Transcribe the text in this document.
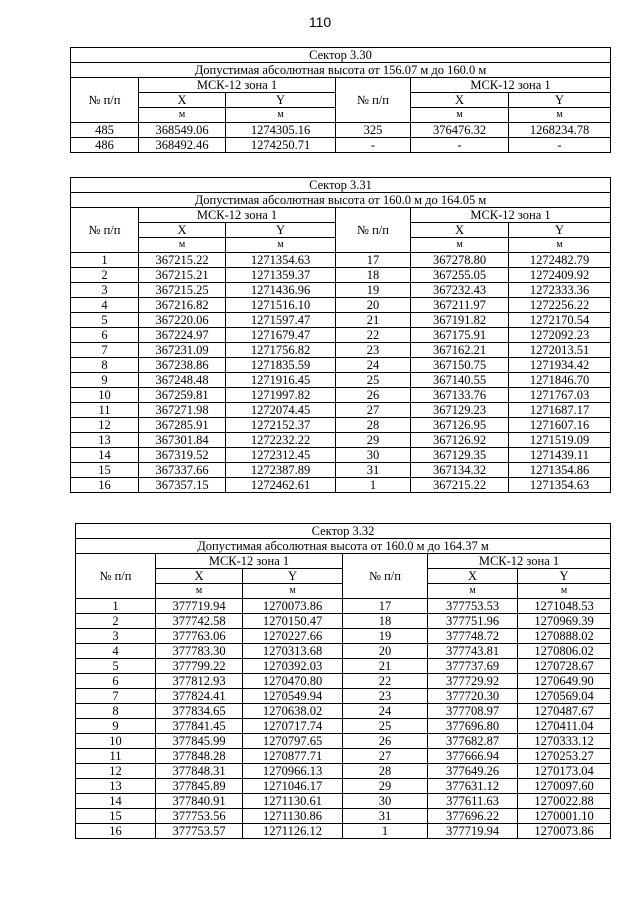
110
Сектор 3.30					
Допустимая абсолютная высота от 156.07 м до 160.0 м					
№ п/п	МСК-12 зона 1		№ п/п	МСК-12 зона 1	
	X	Y		X	Y
	м	м		м	м
485	368549.06	1274305.16	325	376476.32	1268234.78
486	368492.46	1274250.71	-	-	-
Сектор 3.31					
Допустимая абсолютная высота от 160.0 м до 164.05 м					
№ п/п	МСК-12 зона 1		№ п/п	МСК-12 зона 1	
	X	Y		X	Y
	м	м		м	м
1	367215.22	1271354.63	17	367278.80	1272482.79
2	367215.21	1271359.37	18	367255.05	1272409.92
3	367215.25	1271436.96	19	367232.43	1272333.36
4	367216.82	1271516.10	20	367211.97	1272256.22
5	367220.06	1271597.47	21	367191.82	1272170.54
6	367224.97	1271679.47	22	367175.91	1272092.23
7	367231.09	1271756.82	23	367162.21	1272013.51
8	367238.86	1271835.59	24	367150.75	1271934.42
9	367248.48	1271916.45	25	367140.55	1271846.70
10	367259.81	1271997.82	26	367133.76	1271767.03
11	367271.98	1272074.45	27	367129.23	1271687.17
12	367285.91	1272152.37	28	367126.95	1271607.16
13	367301.84	1272232.22	29	367126.92	1271519.09
14	367319.52	1272312.45	30	367129.35	1271439.11
15	367337.66	1272387.89	31	367134.32	1271354.86
16	367357.15	1272462.61	1	367215.22	1271354.63
Сектор 3.32					
Допустимая абсолютная высота от 160.0 м до 164.37 м					
№ п/п	МСК-12 зона 1		№ п/п	МСК-12 зона 1	
	X	Y		X	Y
	м	м		м	м
1	377719.94	1270073.86	17	377753.53	1271048.53
2	377742.58	1270150.47	18	377751.96	1270969.39
3	377763.06	1270227.66	19	377748.72	1270888.02
4	377783.30	1270313.68	20	377743.81	1270806.02
5	377799.22	1270392.03	21	377737.69	1270728.67
6	377812.93	1270470.80	22	377729.92	1270649.90
7	377824.41	1270549.94	23	377720.30	1270569.04
8	377834.65	1270638.02	24	377708.97	1270487.67
9	377841.45	1270717.74	25	377696.80	1270411.04
10	377845.99	1270797.65	26	377682.87	1270333.12
11	377848.28	1270877.71	27	377666.94	1270253.27
12	377848.31	1270966.13	28	377649.26	1270173.04
13	377845.89	1271046.17	29	377631.12	1270097.60
14	377840.91	1271130.61	30	377611.63	1270022.88
15	377753.56	1271130.86	31	377696.22	1270001.10
16	377753.57	1271126.12	1	377719.94	1270073.86
